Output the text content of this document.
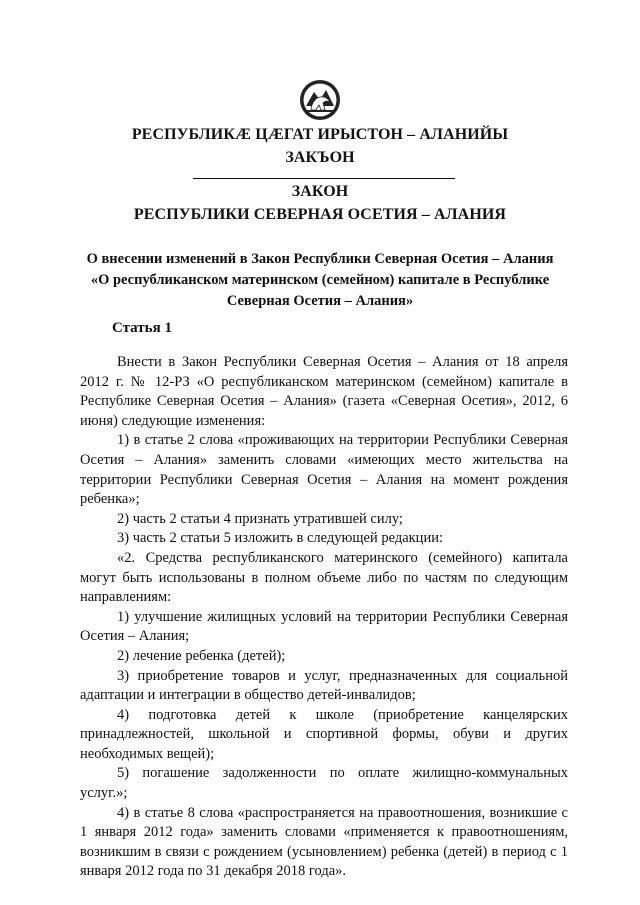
РЕСПУБЛИКӔ ЦӔГАТ ИРЫСТОН – АЛАНИЙЫ
ЗАКЪОН
ЗАКОН
РЕСПУБЛИКИ СЕВЕРНАЯ ОСЕТИЯ – АЛАНИЯ
О внесении изменений в Закон Республики Северная Осетия – Алания
«О республиканском материнском (семейном) капитале в Республике
Северная Осетия – Алания»
Статья 1

Внести в Закон Республики Северная Осетия – Алания от 18 апреля 2012 г. № 12-РЗ «О республиканском материнском (семейном) капитале в Республике Северная Осетия – Алания» (газета «Северная Осетия», 2012, 6 июня) следующие изменения:

1) в статье 2 слова «проживающих на территории Республики Северная Осетия – Алания» заменить словами «имеющих место жительства на территории Республики Северная Осетия – Алания на момент рождения ребенка»;

2) часть 2 статьи 4 признать утратившей силу;

3) часть 2 статьи 5 изложить в следующей редакции:

«2. Средства республиканского материнского (семейного) капитала могут быть использованы в полном объеме либо по частям по следующим направлениям:

1) улучшение жилищных условий на территории Республики Северная Осетия – Алания;

2) лечение ребенка (детей);

3) приобретение товаров и услуг, предназначенных для социальной адаптации и интеграции в общество детей-инвалидов;

4) подготовка детей к школе (приобретение канцелярских принадлежностей, школьной и спортивной формы, обуви и других необходимых вещей);

5) погашение задолженности по оплате жилищно-коммунальных услуг.»;

4) в статье 8 слова «распространяется на правоотношения, возникшие с 1 января 2012 года» заменить словами «применяется к правоотношениям, возникшим в связи с рождением (усыновлением) ребенка (детей) в период с 1 января 2012 года по 31 декабря 2018 года».
